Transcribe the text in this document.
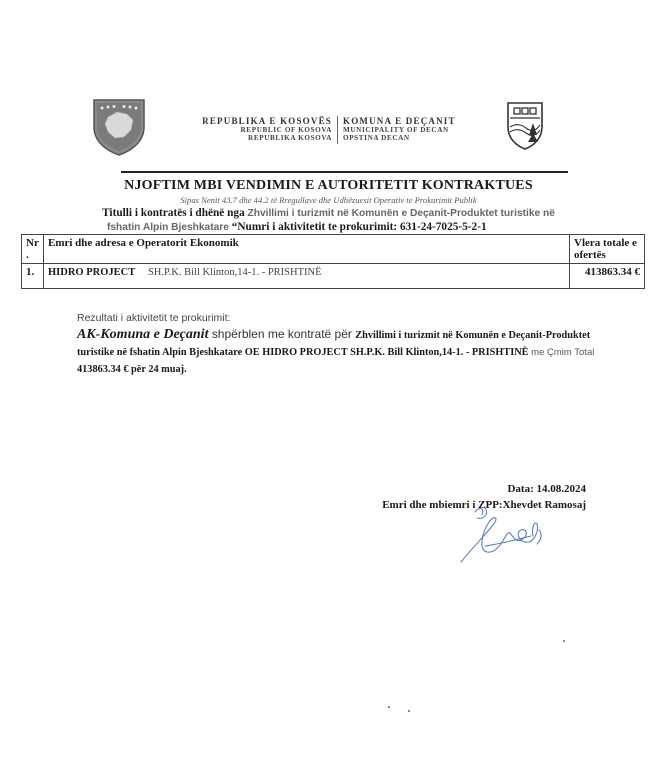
REPUBLIKA E KOSOVËS
REPUBLIC OF KOSOVA
REPUBLIKA KOSOVA
KOMUNA E DEÇANIT
MUNICIPALITY OF DECAN
OPSTINA DECAN
NJOFTIM MBI VENDIMIN E AUTORITETIT KONTRAKTUES
Sipas Nenit 43.7 dhe 44.2 të Rregullave dhe Udhëzuesit Operativ te Prokurimit Publik
Titulli i kontratës i dhënë nga Zhvillimi i turizmit në Komunën e Deçanit-Produktet turistike në
fshatin Alpin Bjeshkatare “Numri i aktivitetit te prokurimit: 631-24-7025-5-2-1
Nr .	Emri dhe adresa e Operatorit Ekonomik	Vlera totale e ofertës
1.	HIDRO PROJECT SH.P.K. Bill Klinton,14-1. - PRISHTINË	413863.34 €
Rezultati i aktivitetit te prokurimit:
AK-Komuna e Deçanit shpërblen me kontratë për Zhvillimi i turizmit në Komunën e Deçanit-Produktet turistike në fshatin Alpin Bjeshkatare OE HIDRO PROJECT SH.P.K. Bill Klinton,14-1. - PRISHTINË me Çmim Total 413863.34 € për 24 muaj.
Data: 14.08.2024
Emri dhe mbiemri i ZPP:Xhevdet Ramosaj
